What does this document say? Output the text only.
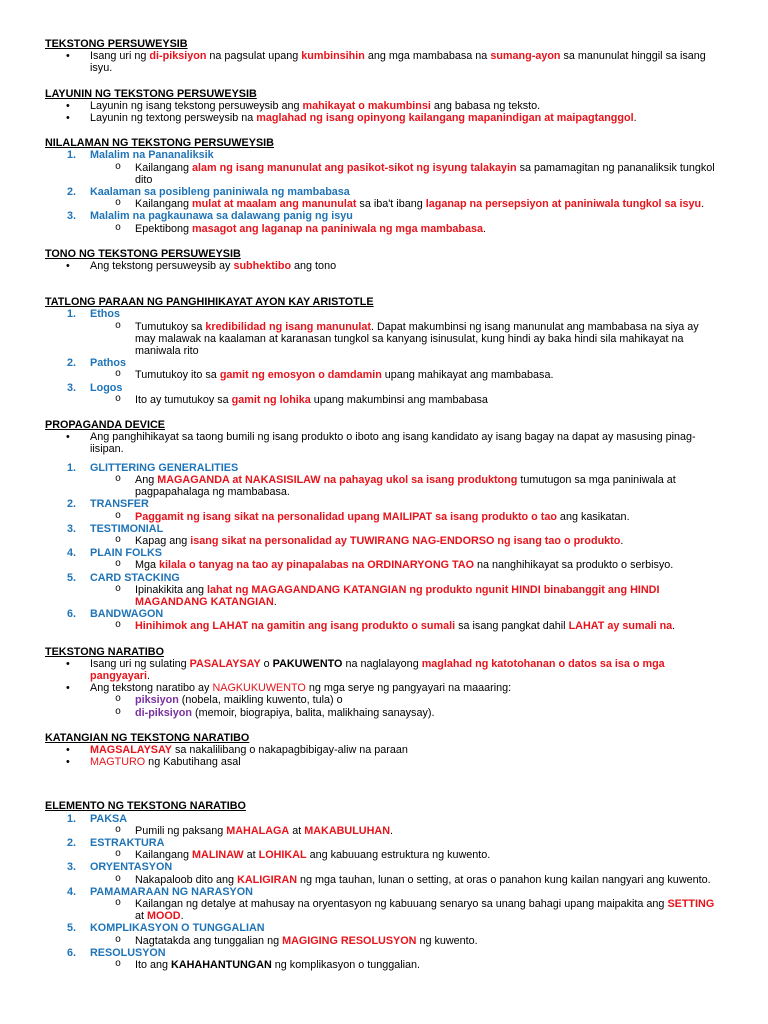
TEKSTONG PERSUWEYSIB
• Isang uri ng di-piksiyon na pagsulat upang kumbinsihin ang mga mambabasa na sumang-ayon sa manunulat hinggil sa isang isyu.
LAYUNIN NG TEKSTONG PERSUWEYSIB
• Layunin ng isang tekstong persuweysib ang mahikayat o makumbinsi ang babasa ng teksto.
• Layunin ng textong persweysib na maglahad ng isang opinyong kailangang mapanindigan at maipagtanggol.
NILALAMAN NG TEKSTONG PERSUWEYSIB
1. Malalim na Pananaliksik
o Kailangang alam ng isang manunulat ang pasikot-sikot ng isyung talakayin sa pamamagitan ng pananaliksik tungkol dito
2. Kaalaman sa posibleng paniniwala ng mambabasa
o Kailangang mulat at maalam ang manunulat sa iba't ibang laganap na persepsiyon at paniniwala tungkol sa isyu.
3. Malalim na pagkaunawa sa dalawang panig ng isyu
o Epektibong masagot ang laganap na paniniwala ng mga mambabasa.
TONO NG TEKSTONG PERSUWEYSIB
• Ang tekstong persuweysib ay subhektibo ang tono
TATLONG PARAAN NG PANGHIHIKAYAT AYON KAY ARISTOTLE
1. Ethos
o Tumutukoy sa kredibilidad ng isang manunulat. Dapat makumbinsi ng isang manunulat ang mambabasa na siya ay may malawak na kaalaman at karanasan tungkol sa kanyang isinusulat, kung hindi ay baka hindi sila mahikayat na maniwala rito
2. Pathos
o Tumutukoy ito sa gamit ng emosyon o damdamin upang mahikayat ang mambabasa.
3. Logos
o Ito ay tumutukoy sa gamit ng lohika upang makumbinsi ang mambabasa
PROPAGANDA DEVICE
• Ang panghihikayat sa taong bumili ng isang produkto o iboto ang isang kandidato ay isang bagay na dapat ay masusing pinag-iisipan.
1. GLITTERING GENERALITIES
o Ang MAGAGANDA at NAKASISILAW na pahayag ukol sa isang produktong tumutugon sa mga paniniwala at pagpapahalaga ng mambabasa.
2. TRANSFER
o Paggamit ng isang sikat na personalidad upang MAILIPAT sa isang produkto o tao ang kasikatan.
3. TESTIMONIAL
o Kapag ang isang sikat na personalidad ay TUWIRANG NAG-ENDORSO ng isang tao o produkto.
4. PLAIN FOLKS
o Mga kilala o tanyag na tao ay pinapalabas na ORDINARYONG TAO na nanghihikayat sa produkto o serbisyo.
5. CARD STACKING
o Ipinakikita ang lahat ng MAGAGANDANG KATANGIAN ng produkto ngunit HINDI binabanggit ang HINDI MAGANDANG KATANGIAN.
6. BANDWAGON
o Hinihimok ang LAHAT na gamitin ang isang produkto o sumali sa isang pangkat dahil LAHAT ay sumali na.
TEKSTONG NARATIBO
• Isang uri ng sulating PASALAYSAY o PAKUWENTO na naglalayong maglahad ng katotohanan o datos sa isa o mga pangyayari.
• Ang tekstong naratibo ay NAGKUKUWENTO ng mga serye ng pangyayari na maaaring:
o piksiyon (nobela, maikling kuwento, tula) o
o di-piksiyon (memoir, biograpiya, balita, malikhaing sanaysay).
KATANGIAN NG TEKSTONG NARATIBO
• MAGSALAYSAY sa nakalilibang o nakapagbibigay-aliw na paraan
• MAGTURO ng Kabutihang asal
ELEMENTO NG TEKSTONG NARATIBO
1. PAKSA
o Pumili ng paksang MAHALAGA at MAKABULUHAN.
2. ESTRAKTURA
o Kailangang MALINAW at LOHIKAL ang kabuuang estruktura ng kuwento.
3. ORYENTASYON
o Nakapaloob dito ang KALIGIRAN ng mga tauhan, lunan o setting, at oras o panahon kung kailan nangyari ang kuwento.
4. PAMAMARAAN NG NARASYON
o Kailangan ng detalye at mahusay na oryentasyon ng kabuuang senaryo sa unang bahagi upang maipakita ang SETTING at MOOD.
5. KOMPLIKASYON O TUNGGALIAN
o Nagtatakda ang tunggalian ng MAGIGING RESOLUSYON ng kuwento.
6. RESOLUSYON
o Ito ang KAHAHANTUNGAN ng komplikasyon o tunggalian.
